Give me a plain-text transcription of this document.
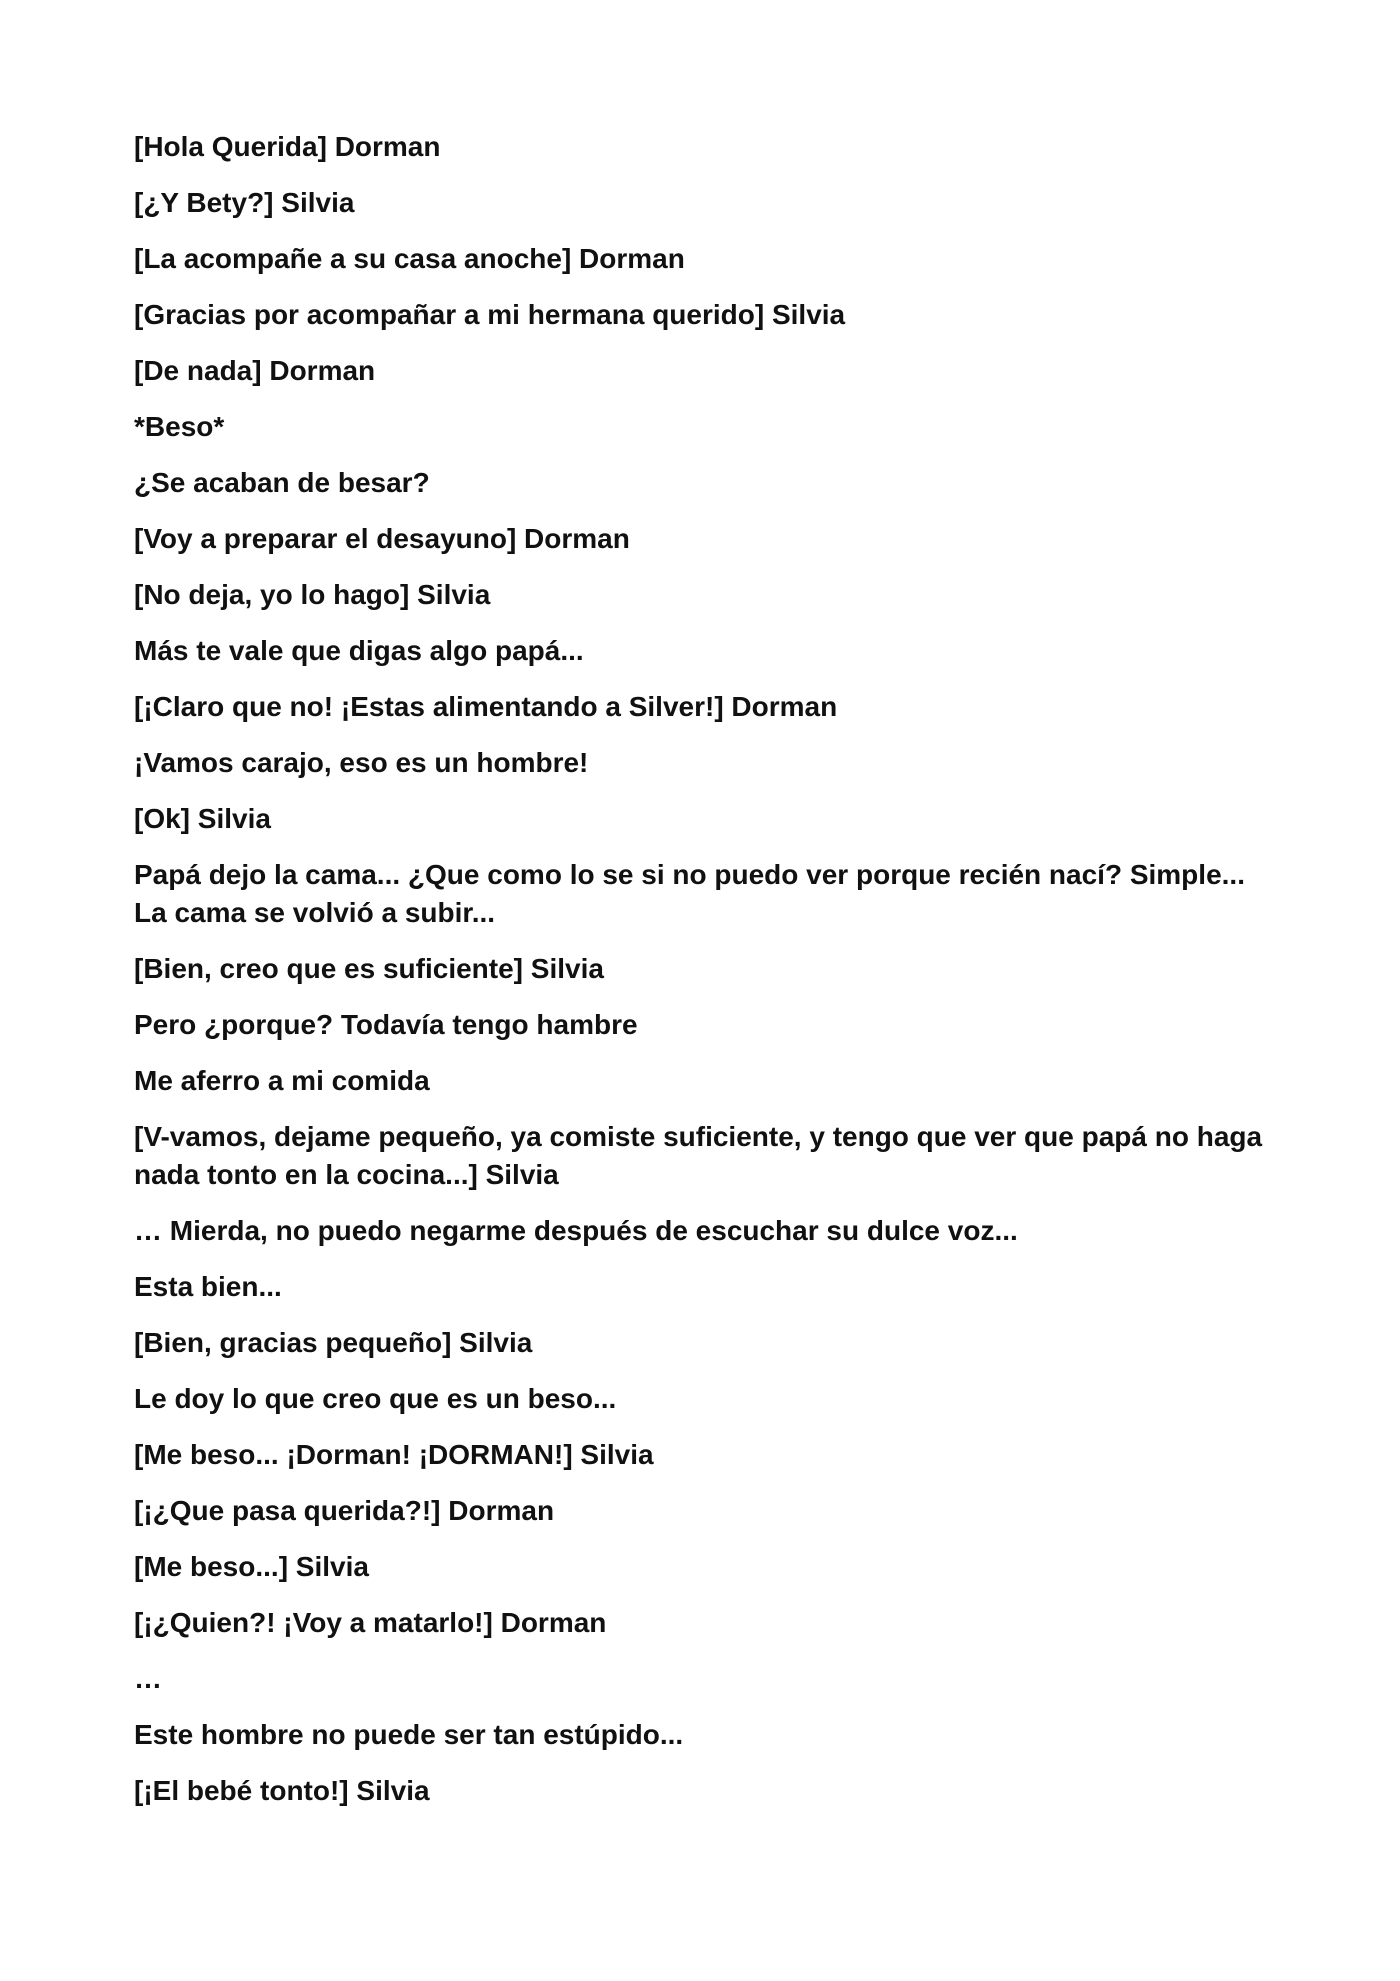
[Hola Querida] Dorman

[¿Y Bety?] Silvia

[La acompañe a su casa anoche] Dorman

[Gracias por acompañar a mi hermana querido] Silvia

[De nada] Dorman

*Beso*

¿Se acaban de besar?

[Voy a preparar el desayuno] Dorman

[No deja, yo lo hago] Silvia

Más te vale que digas algo papá...

[¡Claro que no! ¡Estas alimentando a Silver!] Dorman

¡Vamos carajo, eso es un hombre!

[Ok] Silvia

Papá dejo la cama... ¿Que como lo se si no puedo ver porque recién nací? Simple... La cama se volvió a subir...

[Bien, creo que es suficiente] Silvia

Pero ¿porque? Todavía tengo hambre

Me aferro a mi comida

[V-vamos, dejame pequeño, ya comiste suficiente, y tengo que ver que papá no haga nada tonto en la cocina...] Silvia

… Mierda, no puedo negarme después de escuchar su dulce voz...

Esta bien...

[Bien, gracias pequeño] Silvia

Le doy lo que creo que es un beso...

[Me beso... ¡Dorman! ¡DORMAN!] Silvia

[¡¿Que pasa querida?!] Dorman

[Me beso...] Silvia

[¡¿Quien?! ¡Voy a matarlo!] Dorman

…

Este hombre no puede ser tan estúpido...

[¡El bebé tonto!] Silvia
